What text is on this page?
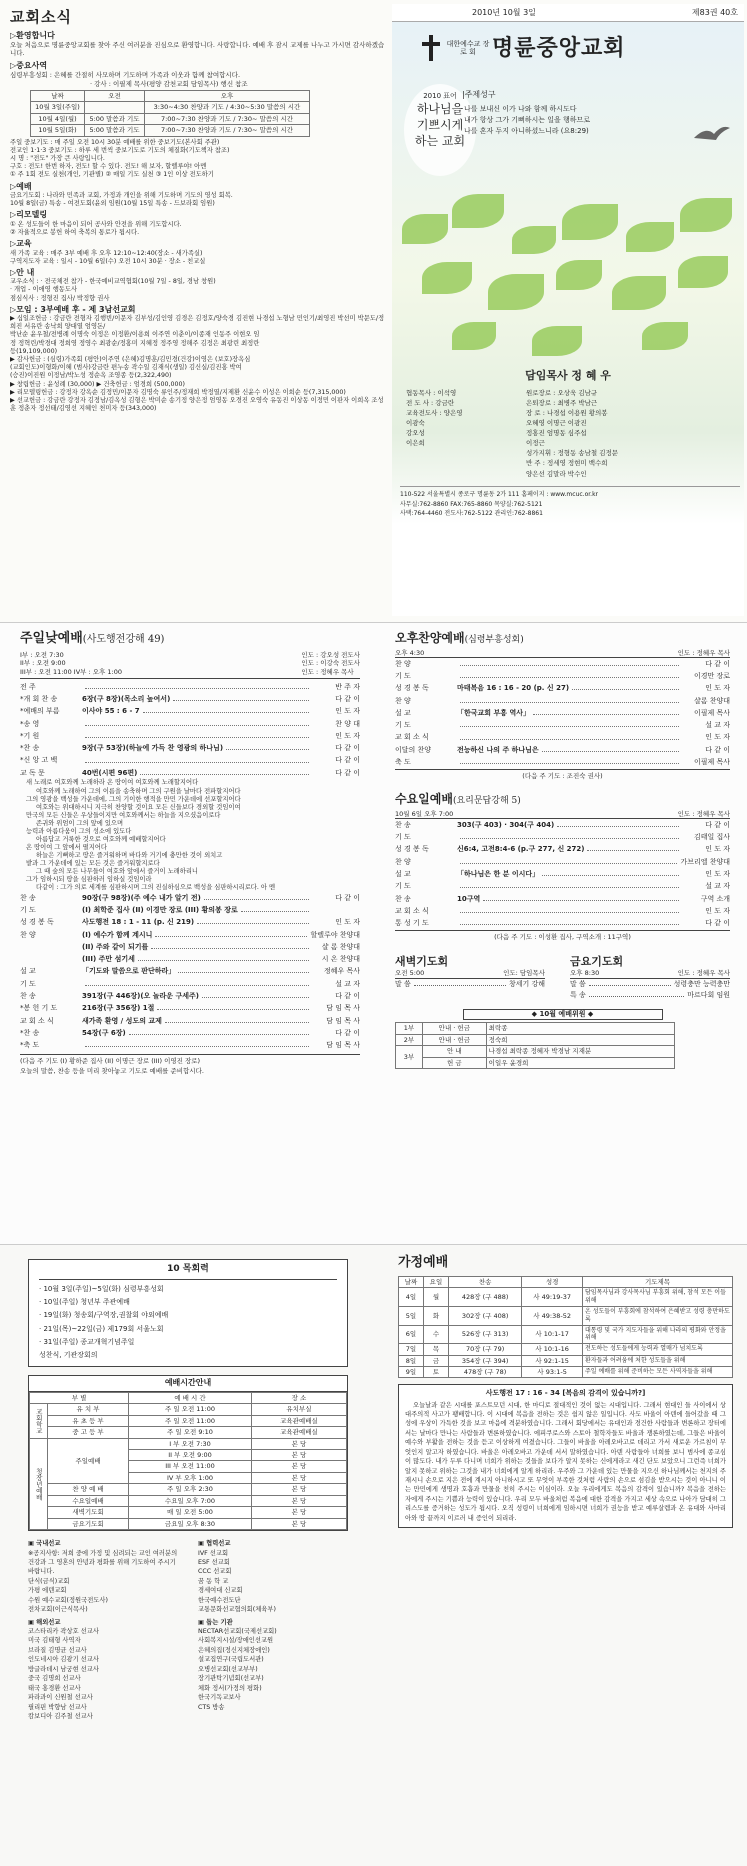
교회소식
▷환영합니다
오늘 처음으로 명륜중앙교회를 찾아 주신 여러분을 진심으로 환영합니다. 사랑합니다. 예배 후 잠시 교제를 나누고 가시면 감사하겠습니다.
▷중요사역
심령부흥성회 : 은혜를 간절히 사모하며 기도하며 가족과 이웃과 함께 참여합시다.
· 강사 : 이필제 목사(평양 감천교회 담임목사) 행신 참조
날짜	오전	오후
10월 3일(주일)		3:30~4:30 찬양과 기도 / 4:30~5:30 말씀의 시간
10월 4일(월)	5:00 말씀과 기도	7:00~7:30 찬양과 기도 / 7:30~ 말씀의 시간
10월 5일(화)	5:00 말씀과 기도	7:00~7:30 찬양과 기도 / 7:30~ 말씀의 시간
주일 중보기도 : 매 주일 오전 10시 30분 예배를 위한 중보기도(본사회 주관)
전교인 1·1·3 중보기도 : 하루 세 번씩 중보기도로 기도의 체질화(기도책자 참조)
시 명 : "전도" 가장 큰 사랑입니다.
구호 : 전도! 한번 하자, 전도! 할 수 있다. 전도! 해 보자, 할렐루야! 아멘
① 주 1회 전도 실천(개인, 기관별) ② 매일 기도 실천 ③ 1인 이상 전도하기
▷예배
금요기도회 : 나라와 민족과 교회, 가정과 개인을 위해 기도하며 기도의 영성 회복.
10월 8일(금) 특송 - 여전도회(윤외 임원(10월 15일 특송 - 드보라회 임원)
▷리모델링
① 온 성도들이 한 마음이 되어 공사와 안전을 위해 기도합시다.
② 자율적으로 봉헌 하여 축복의 통로가 됩시다.
▷교육
새 가족 교육 : 매주 3부 예배 후 오후 12:10~12:40(장소 - 새가족실)
구역지도자 교육 : 일시 - 10월 6일(수) 오전 10시 30분 · 장소 - 친교실
▷안 내
교우소식 : · 전국체전 참가 - 한국예비교역협회(10월 7일 - 8일, 경남 창원)
· 개업 - 이애영 행동도사
점심식사 : 정형진 집사/ 박정향 권사
▷모임 : 3부예배 후 - 제 3남선교회
▶ 십일조헌금 : 강금란 전형자 김행빈/이문자 김부성/김인영 김경은 김정호/양숙경 김진현 나경섭 노형남 민인기/최영진 박선미 박문도/정희진 서유란 송낙희 양대열 엄영돈/
박난순 윤우철/전병례 이명숙 이정은 이정환/이용희 이주연 이춘이/이종재 인동주 이현오 임
정 정혁린/박경대 정희영 정영수 최광순/정홍미 지혜정 정주영 정해주 김정은 최광린 최정란
등(19,109,000)
▶ 감사헌금 : (심령)가족회 (평안)이주연 (은혜)김명훈/김민경(건강)이영은 (보호)장옥심
(교회인도)이형화/이혜 (범사)강금란 편누송 곽수일 김재식(생일) 김신실/김진홍 박여
(승진)이진원 이정남/박노성 정순옥 조영종 등(2,322,490)
▶ 창립헌금 : 윤성례 (30,000) ▶ 건축헌금 : 엄경희 (500,000)
▶ 리모델링헌금 : 강정자 강옥순 김정민/이문자 김명숙 류인주/정재희 박정열/지제환 신윤수 이성은 이희순 등(7,315,000)
▶ 선교헌금 : 강금란 강정자 김정남/김옥성 김형은 박미순 송기정 양은정 엄영동 오경진 오영숙 유동진 이상동 이정민 이판자 이희옥 조성훈 정춘자 정선태/김영선 지혜인 천미자 등(343,000)
2010년 10월 3일	제83권 40호
대한예수교 장 로 회 명륜중앙교회
2010 표어
하나님을
기쁘시게
하는 교회
|주제성구
나를 보내신 이가 나와 함께 하시도다
내가 항상 그가 기뻐하시는 일을 행하므로
나를 혼자 두지 아니하셨느니라 (요8:29)
담임목사 정 혜 우
협동목사 : 이석영	원로장로 : 오상욱 김남규
전 도 사 : 강금란	은퇴장로 : 최병주 박남근
교육전도사 : 양은영	장 로 : 나경섭 이용원 황의봉
이광숙	오혜영 이명근 이광진
강오성	정홍진 엄명동 심주섭
이은희	이정근
성가지휘 : 정형동 송남철 김정문
반 주 : 정세영 정현미 백수희
양은선 김말라 박수인
110-522 서울특별시 종로구 명륜동 2가 111 홈페이지 : www.mcuc.or.kr
사무실:762-8860 FAX:765-8860 목양실:762-5121
사택:764-4460 전도사:762-5122 관리인:762-8861
주일낮예배(사도행전강해 49)
I부 : 오전 7:30
II부 : 오전 9:00
III부 : 오전 11:00 IV부 : 오후 1:00
인도 : 강오성 전도사
인도 : 이강숙 전도사
인도 : 정혜우 목사
전 주	반 주 자
*개 회 찬 송	6장(구 8장)(목소리 높여서)	다 같 이
*예배의 부름	이사야 55 : 6 - 7	인 도 자
*송 영	찬 양 대
*기 원	인 도 자
*찬 송	9장(구 53장)(하늘에 가득 찬 영광의 하나님)	다 같 이
*신 앙 고 백	다 같 이
교 독 문	40번(시편 96편)	다 같 이
새 노래로 여호와께 노래하라 온 땅이여 여호와께 노래할지어다
여호와께 노래하여 그의 이름을 송축하며 그의 구원을 날마다 전파할지어다
그의 영광을 백성들 가운데에, 그의 기이한 행적을 만민 가운데에 선포할지어다
여호와는 위대하시니 지극히 찬양할 것이요 모든 신들보다 경외할 것임이여
만국의 모든 신들은 우상들이지만 여호와께서는 하늘을 지으셨음이로다
존귀와 위엄이 그의 앞에 있으며
능력과 아름다움이 그의 성소에 있도다
아름답고 거룩한 것으로 여호와께 예배할지어다
온 땅이여 그 앞에서 떨지어다
하늘은 기뻐하고 땅은 즐거워하며 바다와 거기에 충만한 것이 외치고
밭과 그 가운데에 있는 모든 것은 즐거워할지로다
그 때 숲의 모든 나무들이 여호와 앞에서 즐거이 노래하리니
그가 임하시되 땅을 심판하러 임하실 것임이라
다같이 : 그가 의로 세계를 심판하시며 그의 진실하심으로 백성을 심판하시리로다. 아 멘
찬 송	90장(구 98장)(주 예수 내가 알기 전)	다 같 이
기 도	(I) 최학준 집사 (II) 이경만 장로 (III) 황의봉 장로
성 경 봉 독	사도행전 18 : 1 - 11 (p. 신 219)	인 도 자
찬 양	(I) 예수가 함께 계시니	할렐루야 찬양대
(II) 주와 같이 되기를	샬 롬 찬양대
(III) 주만 섬기세	시 온 찬양대
설 교	「기도와 말씀으로 판단하라」	정혜우 목사
기 도	설 교 자
찬 송	391장(구 446장)(오 놀라운 구세주)	다 같 이
*봉 헌 기 도	216장(구 356장) 1절	담 임 목 사
교 회 소 식	새가족 환영 / 성도의 교제	담 임 목 사
*찬 송	54장(구 6장)	다 같 이
*축 도	담 임 목 사
(다음 주 기도 (I) 황하준 집사 (II) 이명근 장로 (III) 이영진 장로)
오늘의 말씀, 찬송 등을 미리 찾아놓고 기도로 예배를 준비합시다.
오후찬양예배(심령부흥성회)
오후 4:30	인도 : 정혜우 목사
찬 양	다 같 이
기 도	이경만 장로
성 경 봉 독	마태복음 16 : 16 - 20 (p. 신 27)	인 도 자
찬 양	샬롬 찬양대
설 교	「한국교회 부흥 역사」	이필제 목사
기 도	설 교 자
교 회 소 식	인 도 자
이달의 찬양	전능하신 나의 주 하나님은	다 같 이
축 도	이필제 목사
(다음 주 기도 : 조진숙 권사)
수요일예배(요리문답강해 5)
10월 6일 오후 7:00	인도 : 정혜우 목사
찬 송	303(구 403) · 304(구 404)	다 같 이
기 도	김태일 집사
성 경 봉 독	신6:4, 고전8:4-6 (p.구 277, 신 272)	인 도 자
찬 양	가브리엘 찬양대
설 교	「하나님은 한 분 이시다」	인 도 자
기 도	설 교 자
찬 송	10구역	구역 소개
교 회 소 식	인 도 자
통 성 기 도	다 같 이
(다음 주 기도 : 이성환 집사, 구역소개 : 11구역)
새벽기도회
오전 5:00	인도: 담임목사
말 씀	창세기 강해
금요기도회
오후 8:30	인도 : 정혜우 목사
말 씀	성령충만 능력충만
특 송	마르다회 임원
◆ 10월 예배위원 ◆
1부	안내 · 헌금	최락종
2부	안내 · 헌금	정숙희
3부	안 내	나경섭 최락종 정혜자 박경남 지재분
	헌 금	이일우 윤경희
10 목회력
· 10월 3일(주일)~5일(화) 심령부흥성회
· 10일(주일) 청년부 주관예배
· 19일(화) 청송회/구역장,권찰회 야외예배
· 21일(목)~22일(금) 제179회 서울노회
· 31일(주일) 종교개혁기념주일
성찬식, 기관장회의
예배시간안내
부 별		예 배 시 간	장 소
교회학교	유 치 부	주 일 오전 11:00	유치부실
	유 초 등 부	주 일 오전 11:00	교육관예배실
	중 고 등 부	주 일 오전 9:10	교육관예배실
청장년예배	주일예배	I 부 오전 7:30	본 당
		II 부 오전 9:00	본 당
		III 부 오전 11:00	본 당
		IV 부 오후 1:00	본 당
	찬 양 예 배	주 일 오후 2:30	본 당
	수요일예배	수요일 오후 7:00	본 당
	새벽기도회	매 일 오전 5:00	본 당
	금요기도회	금요일 오후 8:30	본 당
▣ 국내선교
※공지사항: 저희 중에 가정 및 심려되는 교인 여러분의 건강과 그 영혼의 안녕과 평화를 위해 기도하여 주시기 바랍니다.
단식(금식)교회
가평 에덴교회
수원 예수교회(정원국전도사)
전차교회(이근식목사)
▣ 해외선교
코스타리카 곽상호 선교사
미국 김태형 사역자
브라질 김명균 선교사
인도네시아 김광기 선교사
방글라데시 남궁현 선교사
중국 김명희 선교사
태국 홍경환 선교사
파라과이 신원철 선교사
필리핀 박향남 선교사
캄보디아 김주철 선교사
▣ 협력선교
IVF 선교회
ESF 선교회
CCC 선교회
꿈 동 학 교
경세여대 신교회
한국예수전도단
교통문화선교협의회(체육부)
▣ 돕는 기관
NECTAR선교회(국제선교회)
사회복지시설/장애인선교원
은혜의집(정신지체장애인)
설교집연구(국립도서관)
오병선교회(선교부부)
장기관탁기념회(선교부)
체화 정서(가정의 평화)
한국기독교보사
CTS 방송
가정예배
날짜	요일	찬송	성경	기도제목
4일	월	428장 (구 488)	사 49:19-37	담임목사님과 강사목사님 부흥회 위해, 참석 모든 이들 위해
5일	화	302장 (구 408)	사 49:38-52	온 성도들이 부흥회에 참석하여 은혜받고 성령 충만하도록
6일	수	526장 (구 313)	사 10:1-17	대통령 및 국가 지도자들을 위해 나라의 평화와 안정을 위해
7일	목	70장 (구 79)	사 10:1-16	전도하는 성도들에게 능력과 열매가 넘치도록
8일	금	354장 (구 394)	사 92:1-15	환자들과 어려움에 처한 성도들을 위해
9일	토	478장 (구 78)	사 93:1-5	주일 예배를 위해 준비하는 모든 사역자들을 위해
사도행전 17 : 16 - 34 [복음의 감격이 있습니까?]
오늘날과 같은 시대를 포스트모던 시대, 한 마디로 절대적인 것이 없는 시대입니다. 그래서 현대인 들 사이에서 상대주의적 사고가 팽배합니다. 이 시대에 복음을 전하는 것은 쉽지 않은 일입니다. 사도 바울이 아덴에 들어갔을 때 그 성에 우상이 가득한 것을 보고 마음에 격분하였습니다. 그래서 회당에서는 유대인과 경건한 사람들과 변론하고 장터에서는 날마다 만나는 사람들과 변론하였습니다. 에피쿠로스와 스토아 철학자들도 바울과 쟁론하였는데, 그들은 바울이 예수와 부활을 전하는 것을 듣고 이상하게 여겼습니다. 그들이 바울을 아레오바고로 데리고 가서 새로운 가르침이 무엇인지 알고자 하였습니다. 바울은 아레오바고 가운데 서서 말하였습니다. 아덴 사람들아 너희를 보니 범사에 종교심이 많도다. 내가 두루 다니며 너희가 위하는 것들을 보다가 알지 못하는 신에게라고 새긴 단도 보았으니 그런즉 너희가 알지 못하고 위하는 그것을 내가 너희에게 알게 하리라. 우주와 그 가운데 있는 만물을 지으신 하나님께서는 천지의 주재시니 손으로 지은 전에 계시지 아니하시고 또 무엇이 부족한 것처럼 사람의 손으로 섬김을 받으시는 것이 아니니 이는 만민에게 생명과 호흡과 만물을 친히 주시는 이심이라. 오늘 우리에게도 복음의 감격이 있습니까? 복음을 전하는 자에게 주시는 기쁨과 능력이 있습니다. 우리 모두 바울처럼 복음에 대한 감격을 가지고 세상 속으로 나아가 담대히 그리스도를 증거하는 성도가 됩시다. 오직 성령이 너희에게 임하시면 너희가 권능을 받고 예루살렘과 온 유대와 사마리아와 땅 끝까지 이르러 내 증인이 되리라.
